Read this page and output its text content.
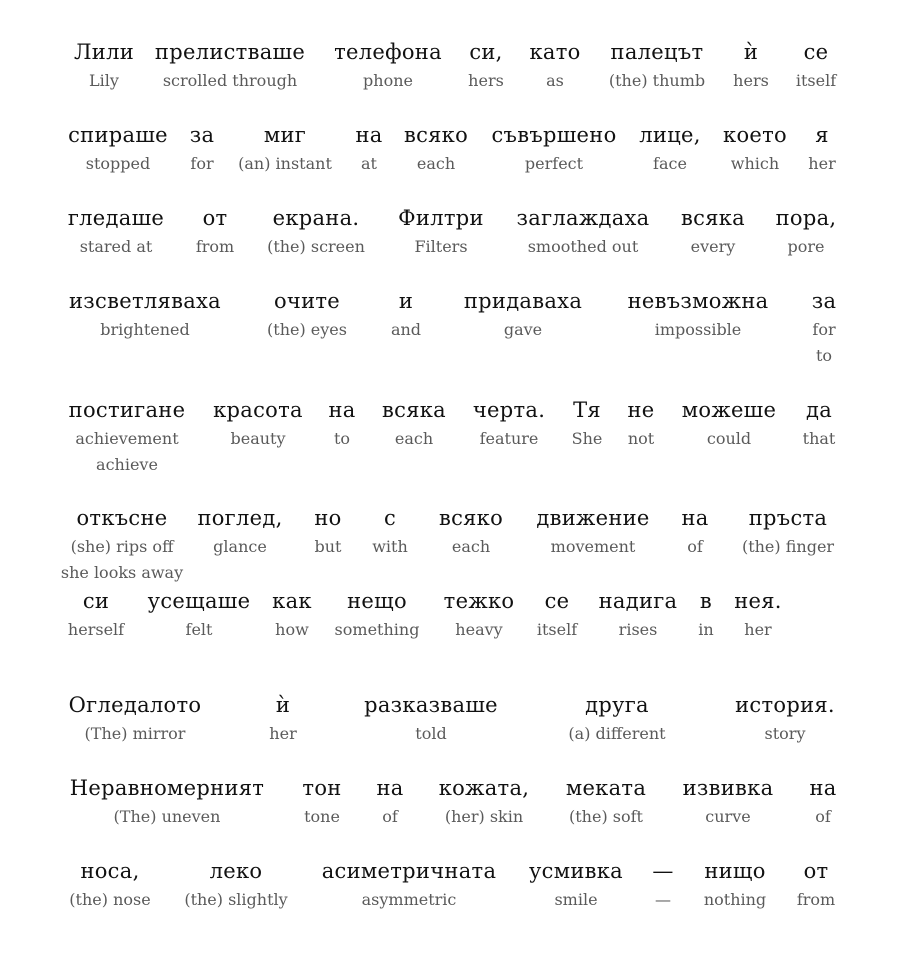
Лили
Lily
прелистваше
scrolled through
телефона
phone
си,
hers
като
as
палецът
(the) thumb
ѝ
hers
се
itself
спираше
stopped
за
for
миг
(an) instant
на
at
всяко
each
съвършено
perfect
лице,
face
което
which
я
her
гледаше
stared at
от
from
екрана.
(the) screen
Филтри
Filters
заглаждаха
smoothed out
всяка
every
пора,
pore
изсветляваха
brightened
очите
(the) eyes
и
and
придаваха
gave
невъзможна
impossible
за
for
to
постигане
achievement
achieve
красота
beauty
на
to
всяка
each
черта.
feature
Тя
She
не
not
можеше
could
да
that
откъсне
(she) rips off
she looks away
поглед,
glance
но
but
с
with
всяко
each
движение
movement
на
of
пръста
(the) finger
си
herself
усещаше
felt
как
how
нещо
something
тежко
heavy
се
itself
надига
rises
в
in
нея.
her
Огледалото
(The) mirror
ѝ
her
разказваше
told
друга
(a) different
история.
story
Неравномерният
(The) uneven
тон
tone
на
of
кожата,
(her) skin
меката
(the) soft
извивка
curve
на
of
носа,
(the) nose
леко
(the) slightly
асиметричната
asymmetric
усмивка
smile
—
—
нищо
nothing
от
from
